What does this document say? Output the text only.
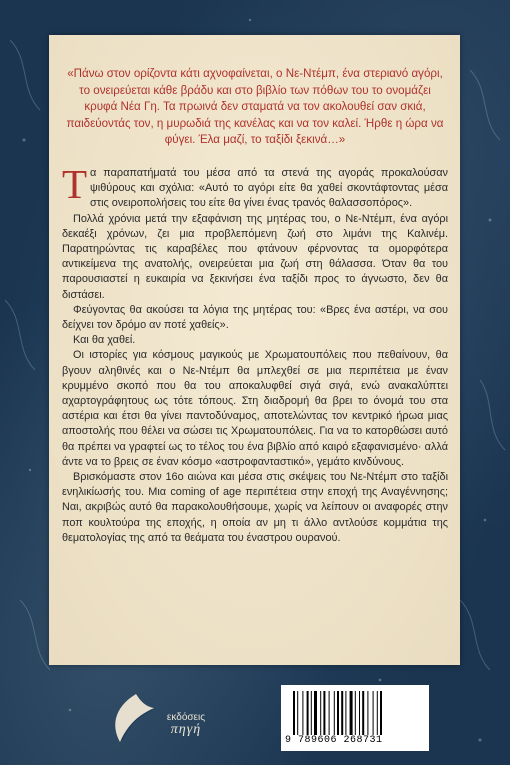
«Πάνω στον ορίζοντα κάτι αχνοφαίνεται, ο Νε-Ντέμπ, ένα στεριανό αγόρι, το ονειρεύεται κάθε βράδυ και στο βιβλίο των πόθων του το ονομάζει κρυφά Νέα Γη. Τα πρωινά δεν σταματά να τον ακολουθεί σαν σκιά, παιδεύοντάς τον, η μυρωδιά της κανέλας και να τον καλεί. Ήρθε η ώρα να φύγει. Έλα μαζί, το ταξίδι ξεκινά…»

Τα παραπατήματά του μέσα από τα στενά της αγοράς προκαλούσαν ψιθύρους και σχόλια: «Αυτό το αγόρι είτε θα χαθεί σκοντάφτοντας μέσα στις ονειροπολήσεις του είτε θα γίνει ένας τρανός θαλασσοπόρος».

Πολλά χρόνια μετά την εξαφάνιση της μητέρας του, ο Νε-Ντέμπ, ένα αγόρι δεκαέξι χρόνων, ζει μια προβλεπόμενη ζωή στο λιμάνι της Καλινέμ. Παρατηρώντας τις καραβέλες που φτάνουν φέρνοντας τα ομορφότερα αντικείμενα της ανατολής, ονειρεύεται μια ζωή στη θάλασσα. Όταν θα του παρουσιαστεί η ευκαιρία να ξεκινήσει ένα ταξίδι προς το άγνωστο, δεν θα διστάσει.

Φεύγοντας θα ακούσει τα λόγια της μητέρας του: «Βρες ένα αστέρι, να σου δείχνει τον δρόμο αν ποτέ χαθείς».

Και θα χαθεί.

Οι ιστορίες για κόσμους μαγικούς με Χρωματουπόλεις που πεθαίνουν, θα βγουν αληθινές και ο Νε-Ντέμπ θα μπλεχθεί σε μια περιπέτεια με έναν κρυμμένο σκοπό που θα του αποκαλυφθεί σιγά σιγά, ενώ ανακαλύπτει αχαρτογράφητους ως τότε τόπους. Στη διαδρομή θα βρει το όνομά του στα αστέρια και έτσι θα γίνει παντοδύναμος, αποτελώντας τον κεντρικό ήρωα μιας αποστολής που θέλει να σώσει τις Χρωματουπόλεις. Για να το κατορθώσει αυτό θα πρέπει να γραφτεί ως το τέλος του ένα βιβλίο από καιρό εξαφανισμένο· αλλά άντε να το βρεις σε έναν κόσμο «αστροφανταστικό», γεμάτο κινδύνους.

Βρισκόμαστε στον 16ο αιώνα και μέσα στις σκέψεις του Νε-Ντέμπ στο ταξίδι ενηλικίωσής του. Μια coming of age περιπέτεια στην εποχή της Αναγέννησης; Ναι, ακριβώς αυτό θα παρακολουθήσουμε, χωρίς να λείπουν οι αναφορές στην ποπ κουλτούρα της εποχής, η οποία αν μη τι άλλο αντλούσε κομμάτια της θεματολογίας της από τα θεάματα του έναστρου ουρανού.

εκδόσεις
πηγή
9 789606 268731
